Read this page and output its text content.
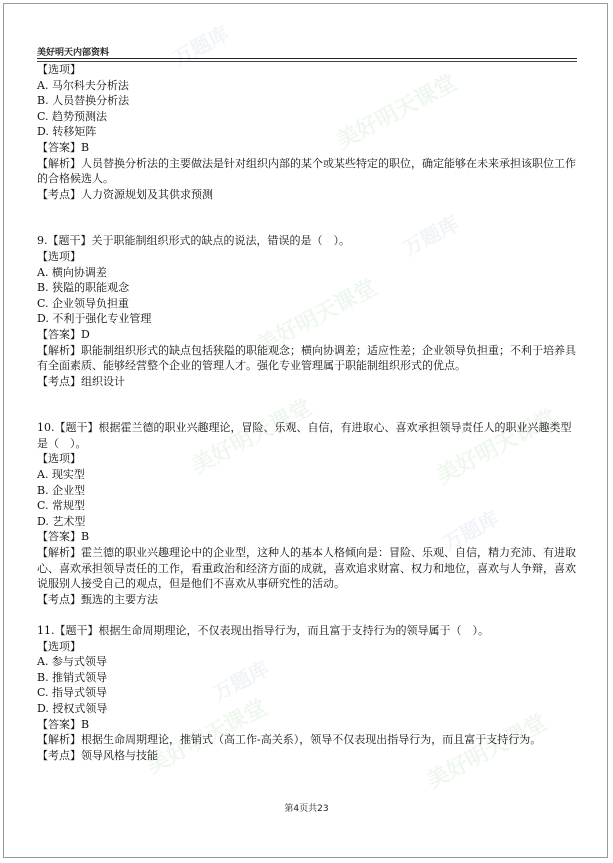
美好明天课堂
万题库
美好明天课堂
万题库
美好明天课堂	美好明天课堂
万题库
万题库
美好明天课堂	美好明天课堂
美好明天内部资料
【选项】
A. 马尔科夫分析法
B. 人员替换分析法
C. 趋势预测法
D. 转移矩阵
【答案】B
【解析】人员替换分析法的主要做法是针对组织内部的某个或某些特定的职位，确定能够在未来承担该职位工作的合格候选人。
【考点】人力资源规划及其供求预测
9.【题干】关于职能制组织形式的缺点的说法，错误的是（　）。
【选项】
A. 横向协调差
B. 狭隘的职能观念
C. 企业领导负担重
D. 不利于强化专业管理
【答案】D
【解析】职能制组织形式的缺点包括狭隘的职能观念；横向协调差；适应性差；企业领导负担重；不利于培养具有全面素质、能够经营整个企业的管理人才。强化专业管理属于职能制组织形式的优点。
【考点】组织设计
10.【题干】根据霍兰德的职业兴趣理论，冒险、乐观、自信，有进取心、喜欢承担领导责任人的职业兴趣类型是（　）。
【选项】
A. 现实型
B. 企业型
C. 常规型
D. 艺术型
【答案】B
【解析】霍兰德的职业兴趣理论中的企业型，这种人的基本人格倾向是：冒险、乐观、自信，精力充沛、有进取心、喜欢承担领导责任的工作，看重政治和经济方面的成就，喜欢追求财富、权力和地位，喜欢与人争辩，喜欢说服别人接受自己的观点，但是他们不喜欢从事研究性的活动。
【考点】甄选的主要方法
11.【题干】根据生命周期理论，不仅表现出指导行为，而且富于支持行为的领导属于（　）。
【选项】
A. 参与式领导
B. 推销式领导
C. 指导式领导
D. 授权式领导
【答案】B
【解析】根据生命周期理论，推销式（高工作-高关系），领导不仅表现出指导行为，而且富于支持行为。
【考点】领导风格与技能
第4页共23
